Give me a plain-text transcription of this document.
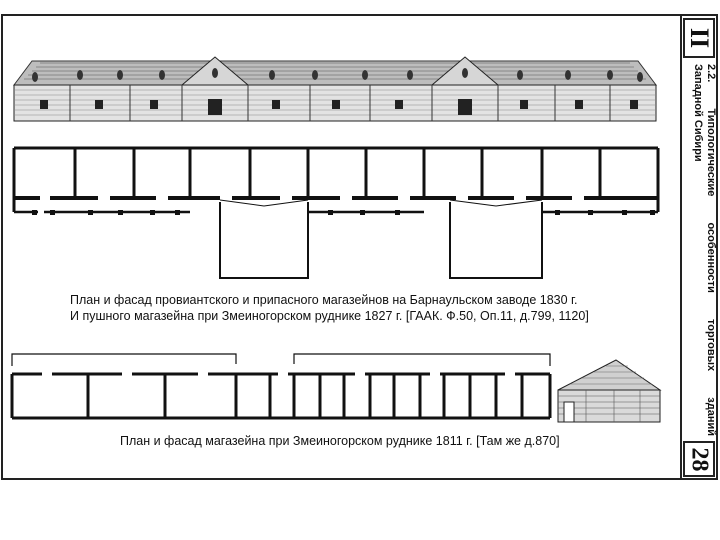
II
2.2. Типологические особенности торговых зданий
Западной Сибири
28
План и фасад провиантского и припасного магазейнов на Барнаульском заводе 1830 г.
И пушного магазейна при Змеиногорском руднике 1827 г. [ГААК. Ф.50, Оп.11, д.799, 1120]
План и фасад магазейна при Змеиногорском руднике 1811 г. [Там же д.870]
